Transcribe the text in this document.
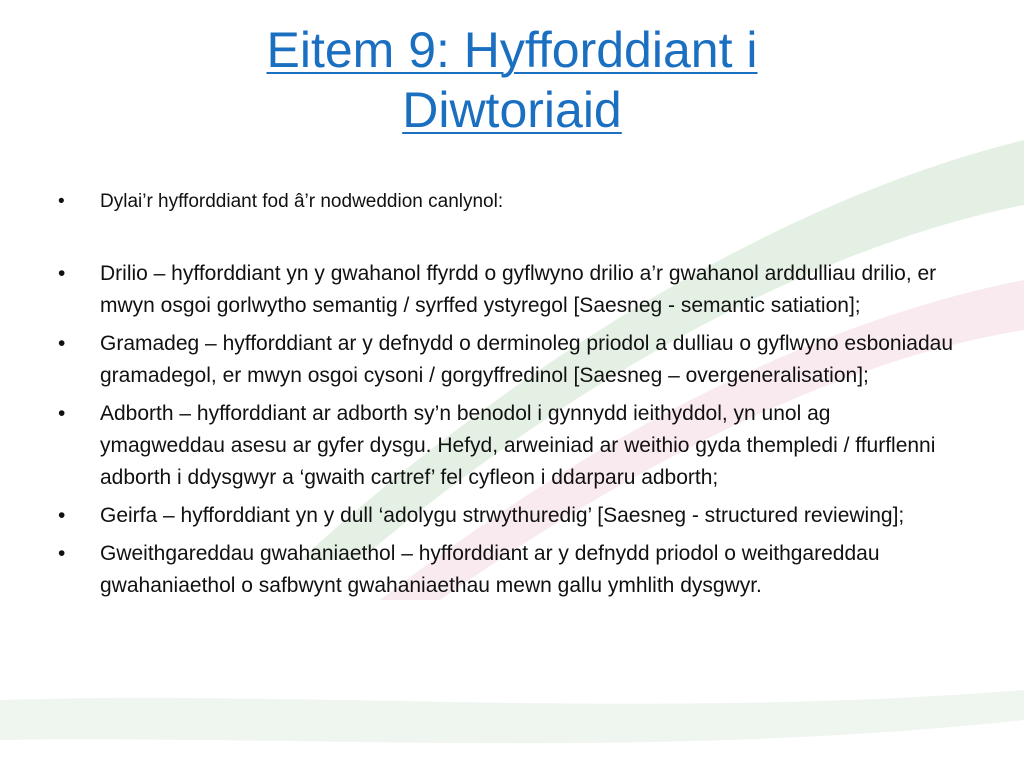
Eitem 9: Hyfforddiant i
Diwtoriaid
• Dylai’r hyfforddiant fod â’r nodweddion canlynol:
• Drilio – hyfforddiant yn y gwahanol ffyrdd o gyflwyno drilio a’r gwahanol arddulliau drilio, er mwyn osgoi gorlwytho semantig / syrffed ystyregol [Saesneg - semantic satiation];
• Gramadeg – hyfforddiant ar y defnydd o derminoleg priodol a dulliau o gyflwyno esboniadau gramadegol, er mwyn osgoi cysoni / gorgyffredinol [Saesneg – overgeneralisation];
• Adborth – hyfforddiant ar adborth sy’n benodol i gynnydd ieithyddol, yn unol ag ymagweddau asesu ar gyfer dysgu. Hefyd, arweiniad ar weithio gyda thempledi / ffurflenni adborth i ddysgwyr a ‘gwaith cartref’ fel cyfleon i ddarparu adborth;
• Geirfa – hyfforddiant yn y dull ‘adolygu strwythuredig’ [Saesneg - structured reviewing];
• Gweithgareddau gwahaniaethol – hyfforddiant ar y defnydd priodol o weithgareddau gwahaniaethol o safbwynt gwahaniaethau mewn gallu ymhlith dysgwyr.
